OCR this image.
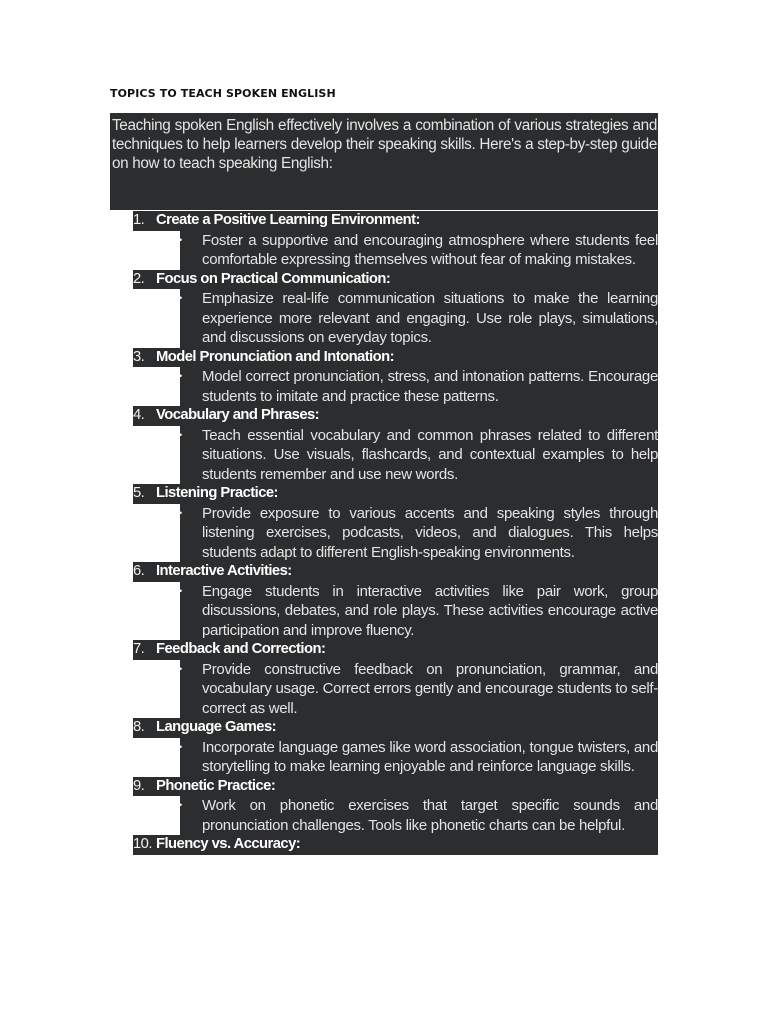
TOPICS TO TEACH SPOKEN ENGLISH
Teaching spoken English effectively involves a combination of various strategies and techniques to help learners develop their speaking skills. Here's a step-by-step guide on how to teach speaking English:
1. Create a Positive Learning Environment:
• Foster a supportive and encouraging atmosphere where students feel comfortable expressing themselves without fear of making mistakes.
2. Focus on Practical Communication:
• Emphasize real-life communication situations to make the learning experience more relevant and engaging. Use role plays, simulations, and discussions on everyday topics.
3. Model Pronunciation and Intonation:
• Model correct pronunciation, stress, and intonation patterns. Encourage students to imitate and practice these patterns.
4. Vocabulary and Phrases:
• Teach essential vocabulary and common phrases related to different situations. Use visuals, flashcards, and contextual examples to help students remember and use new words.
5. Listening Practice:
• Provide exposure to various accents and speaking styles through listening exercises, podcasts, videos, and dialogues. This helps students adapt to different English-speaking environments.
6. Interactive Activities:
• Engage students in interactive activities like pair work, group discussions, debates, and role plays. These activities encourage active participation and improve fluency.
7. Feedback and Correction:
• Provide constructive feedback on pronunciation, grammar, and vocabulary usage. Correct errors gently and encourage students to self-correct as well.
8. Language Games:
• Incorporate language games like word association, tongue twisters, and storytelling to make learning enjoyable and reinforce language skills.
9. Phonetic Practice:
• Work on phonetic exercises that target specific sounds and pronunciation challenges. Tools like phonetic charts can be helpful.
10. Fluency vs. Accuracy:
